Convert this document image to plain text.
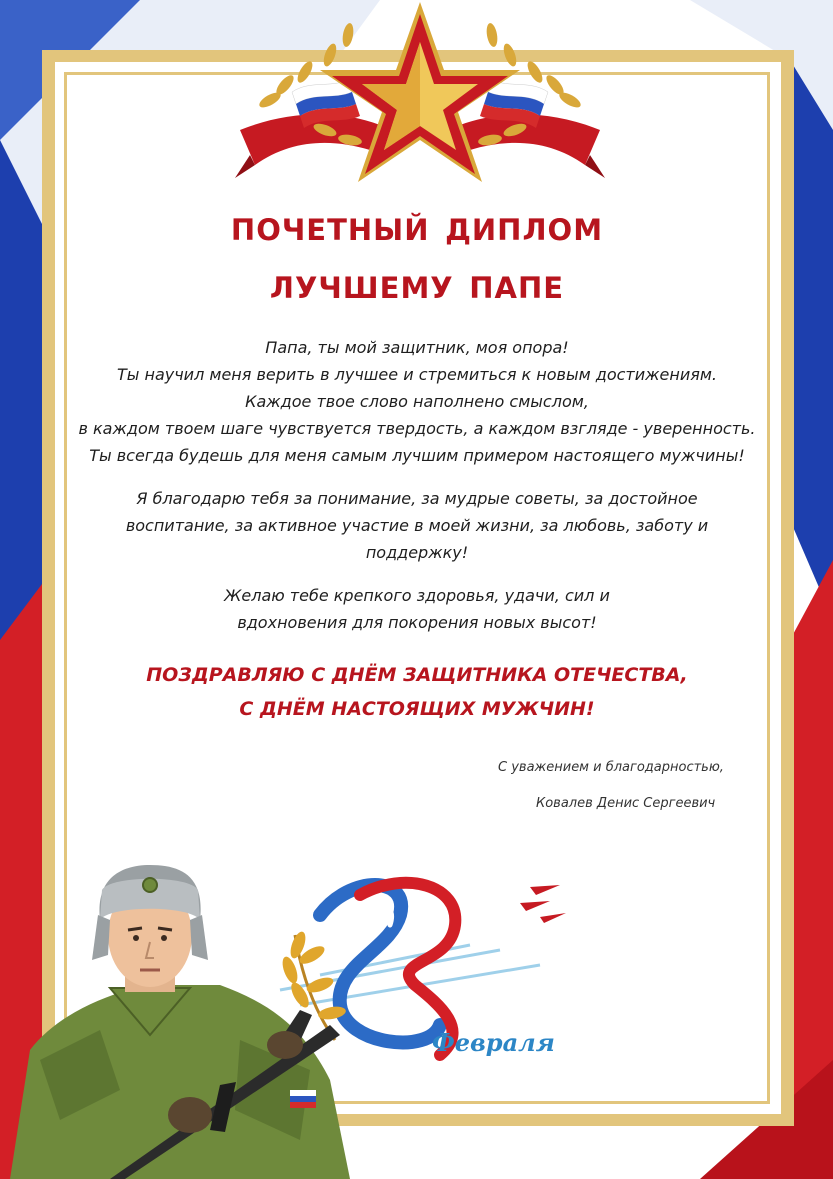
почетный диплом
лучшему папе
Папа, ты мой защитник, моя опора!
Ты научил меня верить в лучшее и стремиться к новым достижениям.
Каждое твое слово наполнено смыслом,
в каждом твоем шаге чувствуется твердость, а каждом взгляде - уверенность.
Ты всегда будешь для меня самым лучшим примером настоящего мужчины!
Я благодарю тебя за понимание, за мудрые советы, за достойное
воспитание, за активное участие в моей жизни, за любовь, заботу и
поддержку!
Желаю тебе крепкого здоровья, удачи, сил и
вдохновения для покорения новых высот!
ПОЗДРАВЛЯЮ С ДНЁМ ЗАЩИТНИКА ОТЕЧЕСТВА,
С ДНЁМ НАСТОЯЩИХ МУЖЧИН!
С уважением и благодарностью,
Ковалев Денис Сергеевич
Февраля
